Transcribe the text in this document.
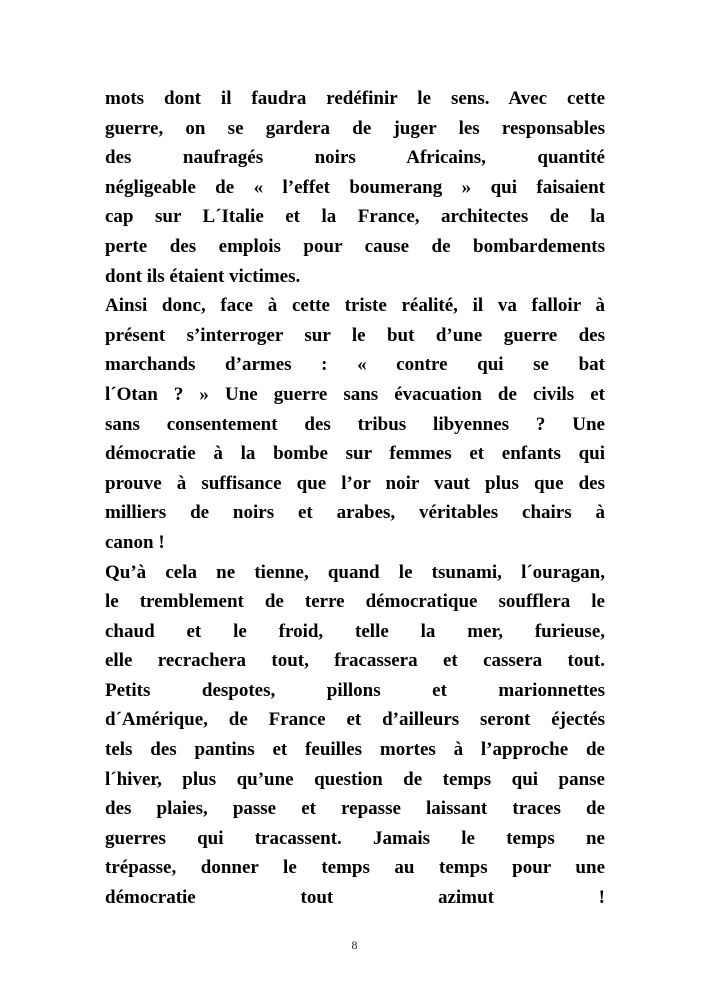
mots dont il faudra redéfinir le sens. Avec cette
guerre, on se gardera de juger les responsables
des naufragés noirs Africains, quantité
négligeable de « l’effet boumerang » qui faisaient
cap sur L´Italie et la France, architectes de la
perte des emplois pour cause de bombardements
dont ils étaient victimes.
Ainsi donc, face à cette triste réalité, il va falloir à
présent s’interroger sur le but d’une guerre des
marchands d’armes : « contre qui se bat
l´Otan ? » Une guerre sans évacuation de civils et
sans consentement des tribus libyennes ? Une
démocratie à la bombe sur femmes et enfants qui
prouve à suffisance que l’or noir vaut plus que des
milliers de noirs et arabes, véritables chairs à
canon !
Qu’à cela ne tienne, quand le tsunami, l´ouragan,
le tremblement de terre démocratique soufflera le
chaud et le froid, telle la mer, furieuse,
elle recrachera tout, fracassera et cassera tout.
Petits despotes, pillons et marionnettes
d´Amérique, de France et d’ailleurs seront éjectés
tels des pantins et feuilles mortes à l’approche de
l´hiver, plus qu’une question de temps qui panse
des plaies, passe et repasse laissant traces de
guerres qui tracassent. Jamais le temps ne
trépasse, donner le temps au temps pour une
démocratie tout azimut !
8
